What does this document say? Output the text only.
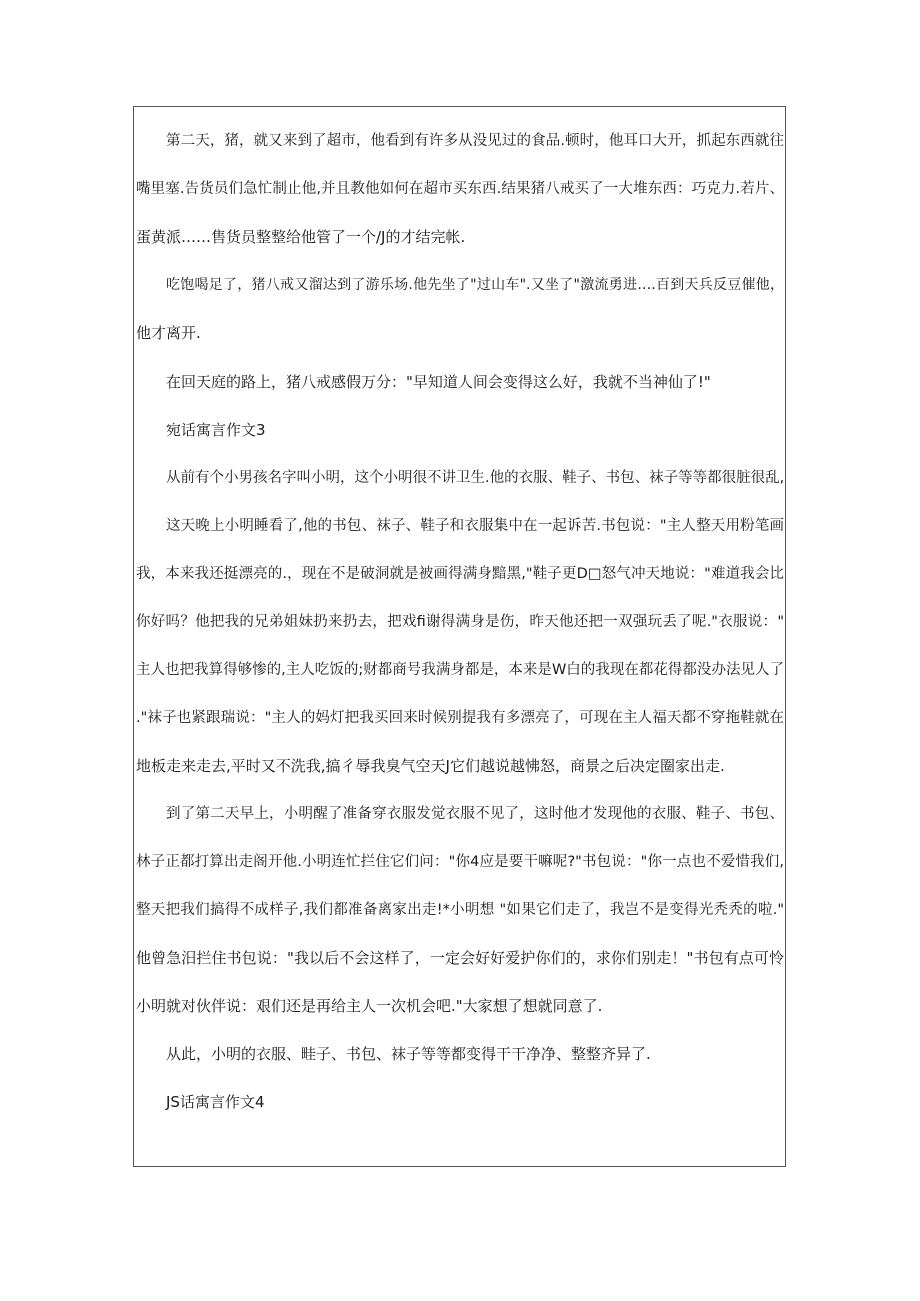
第二天，猪，就又来到了超市，他看到有许多从没见过的食品.顿时，他耳口大开，抓起东西就往
嘴里塞.告货员们急忙制止他,并且教他如何在超市买东西.结果猪八戒买了一大堆东西：巧克力.若片、
蛋黄派……售货员整整给他管了一个/J的才结完帐.
吃饱喝足了，猪八戒又溜达到了游乐场.他先坐了"过山车".又坐了"激流勇进….百到天兵反豆催他，
他才离开.
在回天庭的路上，猪八戒感假万分："早知道人间会变得这么好，我就不当神仙了!"
宛话寓言作文3
从前有个小男孩名字叫小明，这个小明很不讲卫生.他的衣服、鞋子、书包、袜子等等都很脏很乱,
这天晚上小明睡看了,他的书包、袜子、鞋子和衣服集中在一起诉苦.书包说："主人整天用粉笔画
我，本来我还挺漂亮的.，现在不是破洞就是被画得满身黯黑,"鞋子更D□怒气冲天地说："难道我会比
你好吗？他把我的兄弟姐妹扔来扔去，把戏fi谢得满身是伤，昨天他还把一双强玩丢了呢."衣服说："
主人也把我算得够惨的,主人吃饭的;财都商号我满身都是，本来是W白的我现在都花得都没办法见人了
."袜子也紧跟瑞说："主人的妈灯把我买回来时候别提我有多漂亮了，可现在主人福天都不穿拖鞋就在
地板走来走去,平时又不洗我,搞彳辱我臭气空天J它们越说越怫怒，商景之后决定圈家出走.
到了第二天早上，小明醒了准备穿衣服发觉衣服不见了，这时他才发现他的衣服、鞋子、书包、
林子正都打算出走阁开他.小明连忙拦住它们问："你4应是要干嘛呢?"书包说："你一点也不爱惜我们,
整天把我们搞得不成样子,我们都准备离家出走!*小明想 "如果它们走了，我岂不是变得光秃秃的啦."
他曾急汨拦住书包说："我以后不会这样了，一定会好好爱护你们的，求你们别走！"书包有点可怜
小明就对伙伴说：艰们还是再给主人一次机会吧."大家想了想就同意了.
从此，小明的衣服、畦子、书包、袜子等等都变得干干净净、整整齐异了.
JS话寓言作文4
